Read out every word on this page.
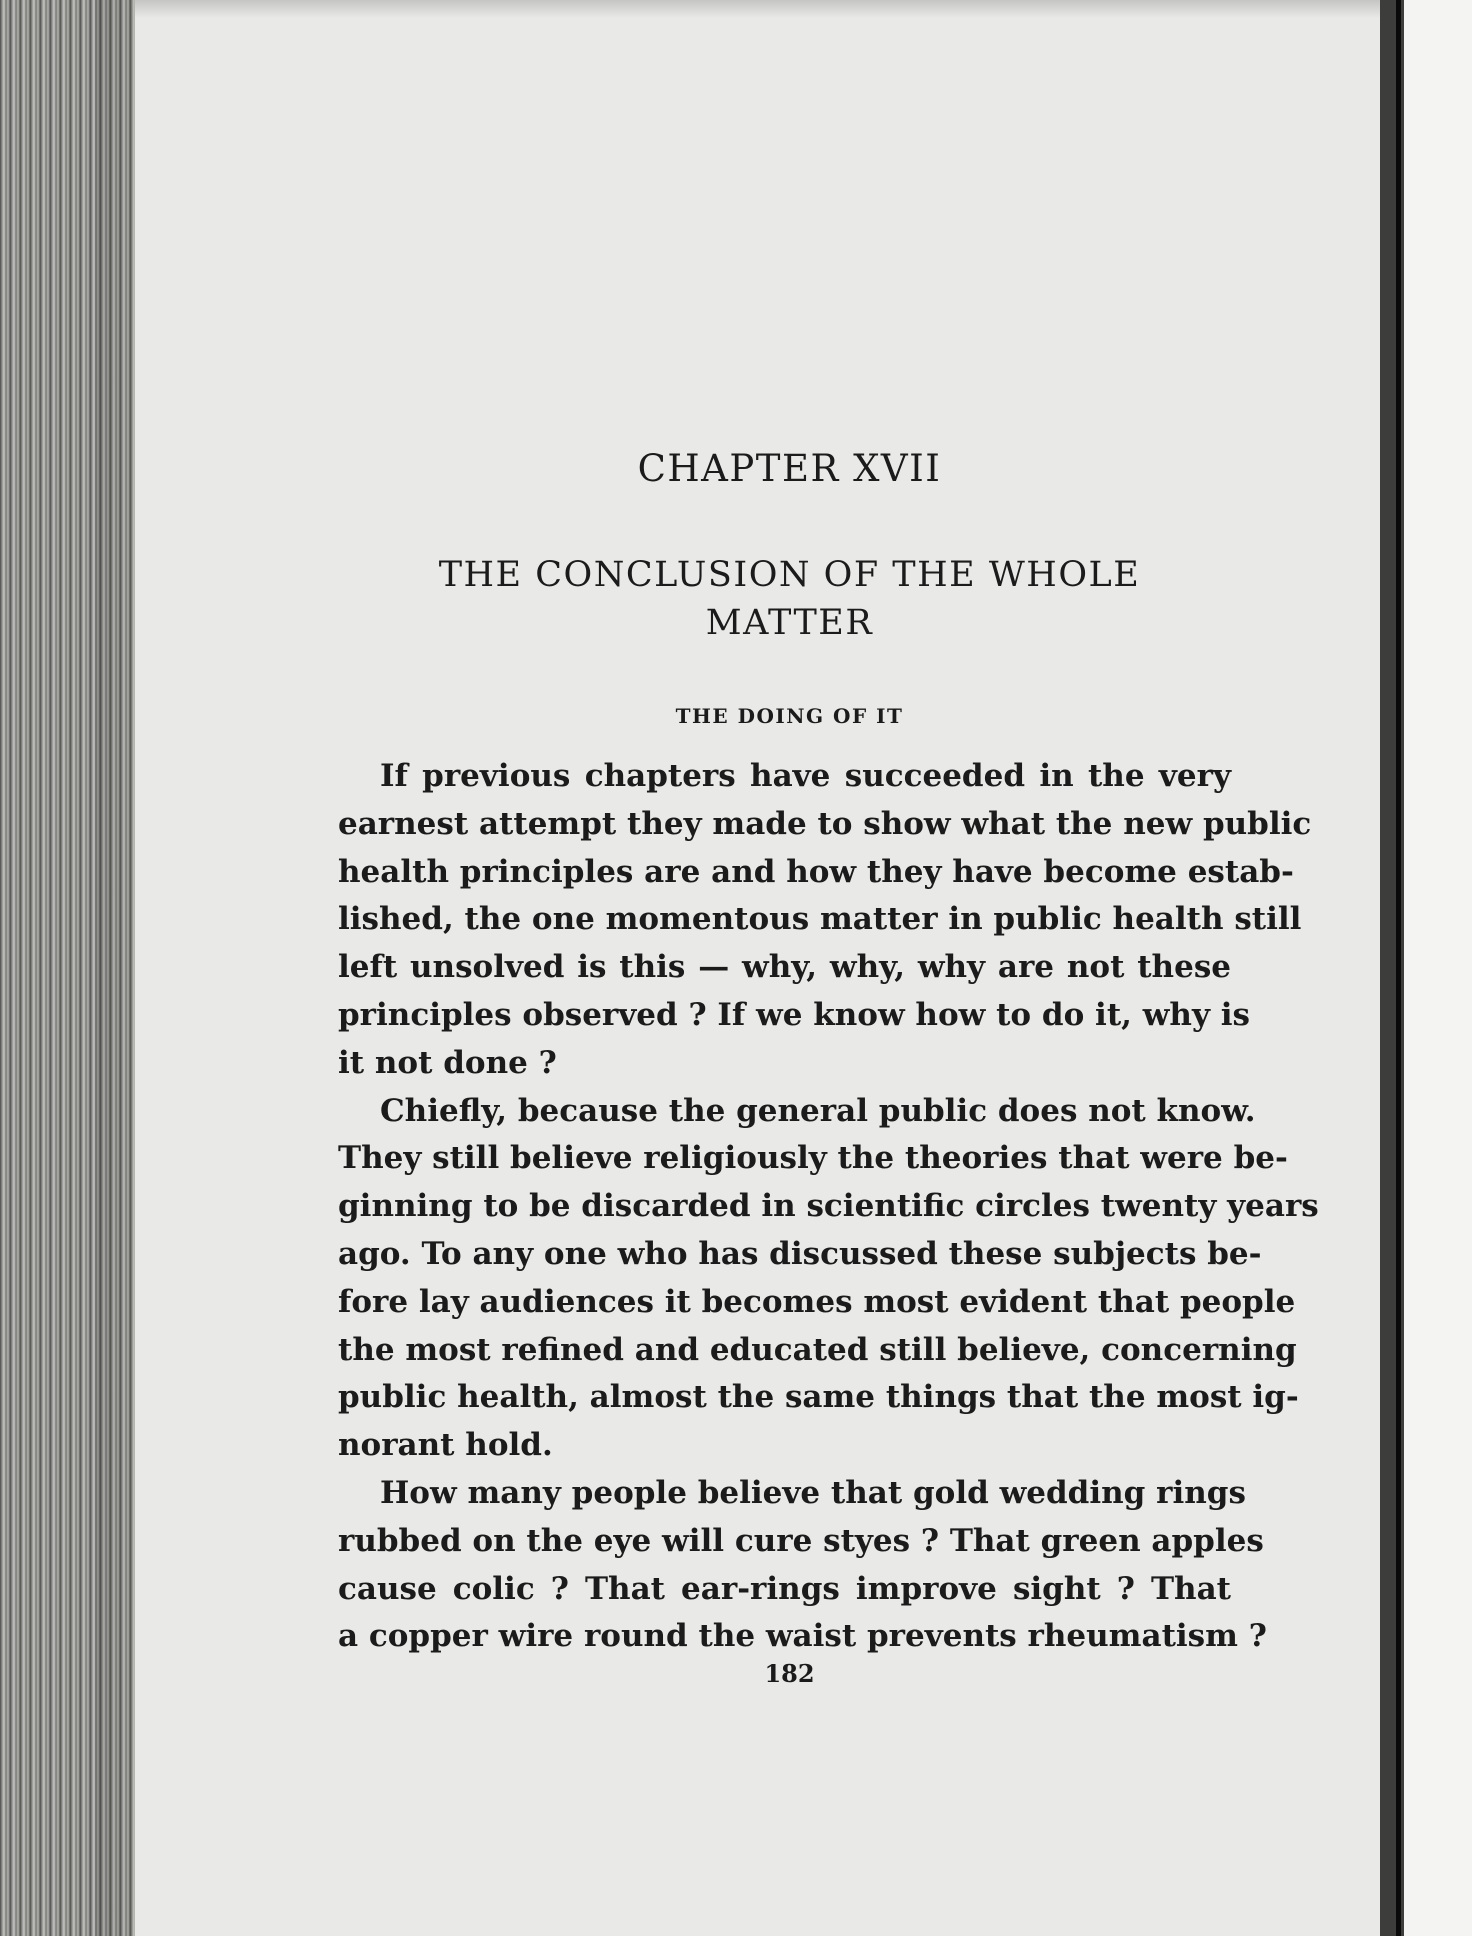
CHAPTER XVII
THE CONCLUSION OF THE WHOLE
MATTER
THE DOING OF IT
If previous chapters have succeeded in the very
earnest attempt they made to show what the new public
health principles are and how they have become estab-
lished, the one momentous matter in public health still
left unsolved is this — why, why, why are not these
principles observed ? If we know how to do it, why is
it not done ?
Chiefly, because the general public does not know.
They still believe religiously the theories that were be-
ginning to be discarded in scientific circles twenty years
ago. To any one who has discussed these subjects be-
fore lay audiences it becomes most evident that people
the most refined and educated still believe, concerning
public health, almost the same things that the most ig-
norant hold.
How many people believe that gold wedding rings
rubbed on the eye will cure styes ? That green apples
cause colic ? That ear-rings improve sight ? That
a copper wire round the waist prevents rheumatism ?
182
